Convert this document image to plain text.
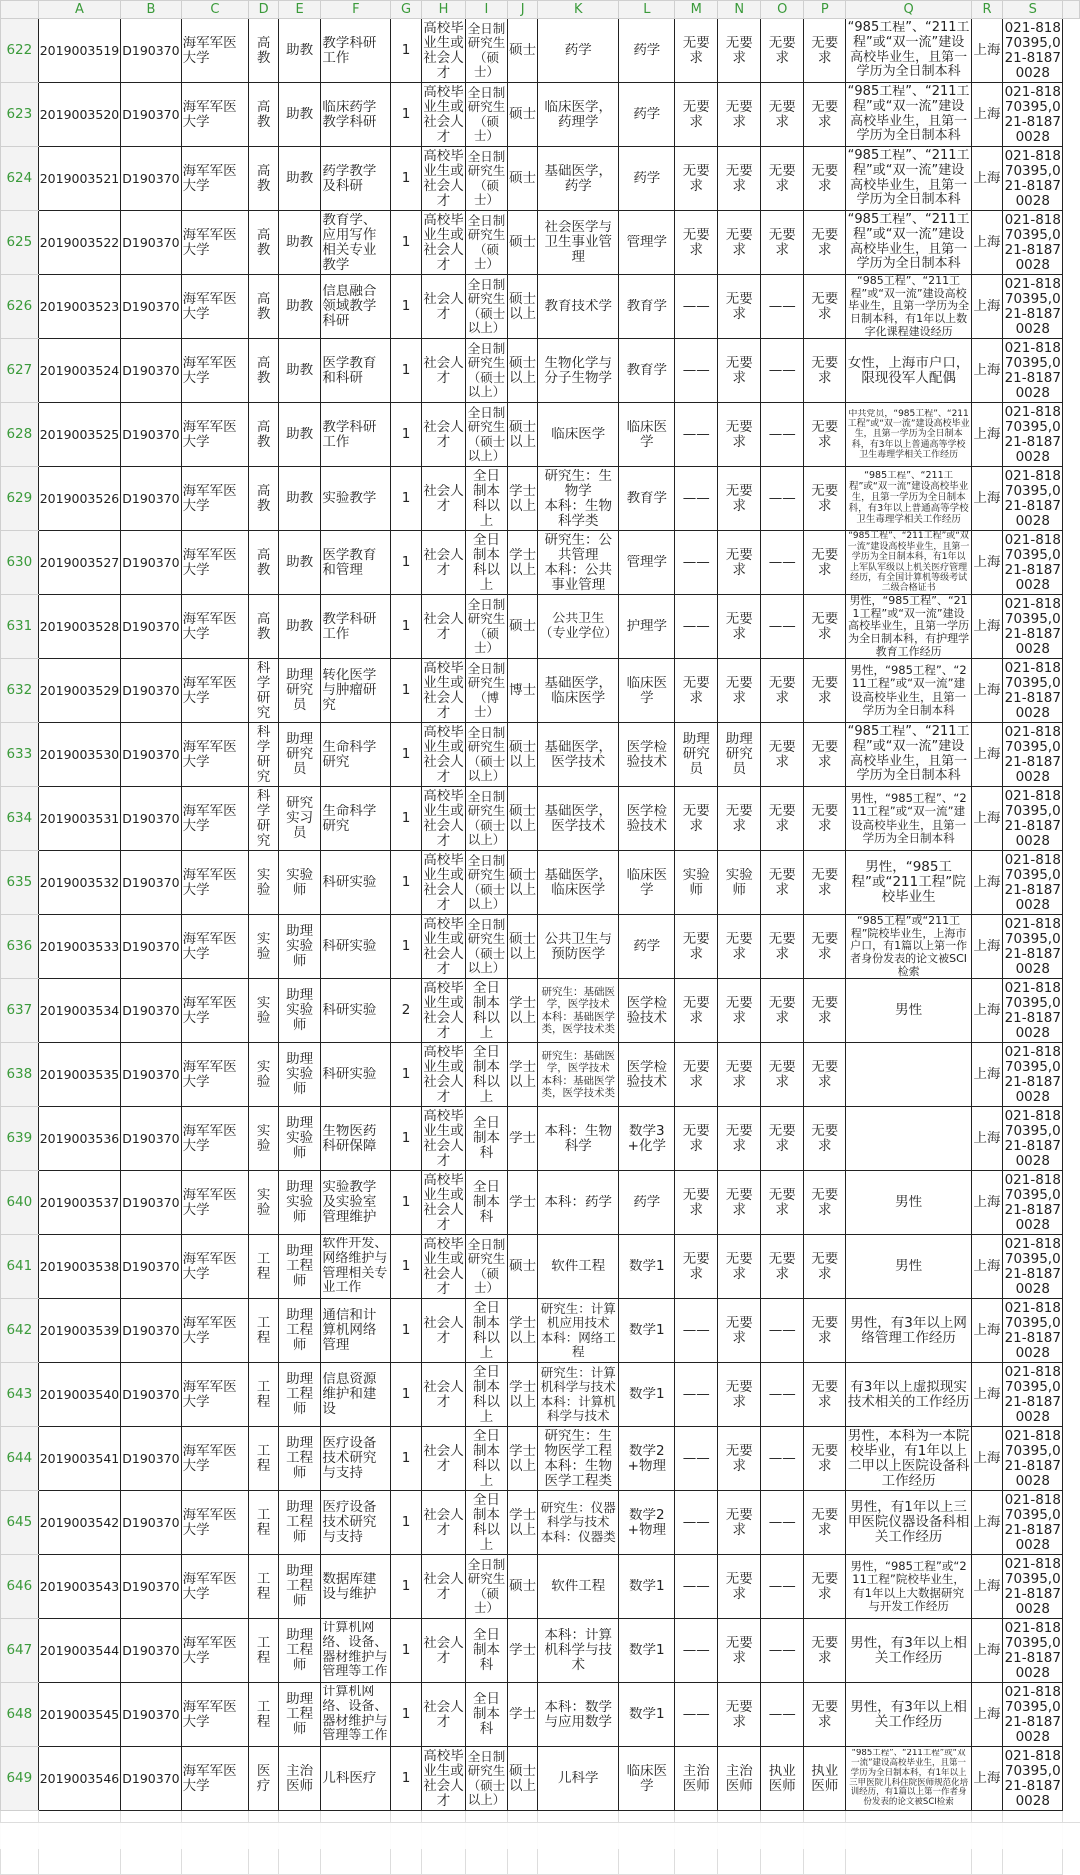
	A	B	C	D	E	F	G	H	I	J	K	L	M	N	O	P	Q	R	S	
622	2019003519	D190370	海军军医大学	高教	助教	教学科研工作	1	高校毕业生或社会人才	全日制研究生（硕士）	硕士	药学	药学	无要求	无要求	无要求	无要求	“985工程”、“211工程”或“双一流”建设高校毕业生，且第一学历为全日制本科	上海	021-81870395,021-81870028	

623	2019003520	D190370	海军军医大学	高教	助教	临床药学教学科研	1	高校毕业生或社会人才	全日制研究生（硕士）	硕士	临床医学，药理学	药学	无要求	无要求	无要求	无要求	“985工程”、“211工程”或“双一流”建设高校毕业生，且第一学历为全日制本科	上海	021-81870395,021-81870028	

624	2019003521	D190370	海军军医大学	高教	助教	药学教学及科研	1	高校毕业生或社会人才	全日制研究生（硕士）	硕士	基础医学，药学	药学	无要求	无要求	无要求	无要求	“985工程”、“211工程”或“双一流”建设高校毕业生，且第一学历为全日制本科	上海	021-81870395,021-81870028	

625	2019003522	D190370	海军军医大学	高教	助教	教育学、应用写作相关专业教学	1	高校毕业生或社会人才	全日制研究生（硕士）	硕士	社会医学与卫生事业管理	管理学	无要求	无要求	无要求	无要求	“985工程”、“211工程”或“双一流”建设高校毕业生，且第一学历为全日制本科	上海	021-81870395,021-81870028	

626	2019003523	D190370	海军军医大学	高教	助教	信息融合领域教学科研	1	社会人才	全日制研究生（硕士以上）	硕士以上	教育技术学	教育学	——	无要求	——	无要求	“985工程”、“211工程”或“双一流”建设高校毕业生，且第一学历为全日制本科，有1年以上数字化课程建设经历	上海	021-81870395,021-81870028	

627	2019003524	D190370	海军军医大学	高教	助教	医学教育和科研	1	社会人才	全日制研究生（硕士以上）	硕士以上	生物化学与分子生物学	教育学	——	无要求	——	无要求	女性，上海市户口，限现役军人配偶	上海	021-81870395,021-81870028	

628	2019003525	D190370	海军军医大学	高教	助教	教学科研工作	1	社会人才	全日制研究生（硕士以上）	硕士以上	临床医学	临床医学	——	无要求	——	无要求	中共党员，“985工程”、“211工程”或“双一流”建设高校毕业生，且第一学历为全日制本科，有3年以上普通高等学校卫生毒理学相关工作经历	上海	021-81870395,021-81870028	

629	2019003526	D190370	海军军医大学	高教	助教	实验教学	1	社会人才	全日制本科以上	学士以上	研究生：生物学
本科：生物科学类	教育学	——	无要求	——	无要求	“985工程”、“211工程”或“双一流”建设高校毕业生，且第一学历为全日制本科，有3年以上普通高等学校卫生毒理学相关工作经历	上海	021-81870395,021-81870028	

630	2019003527	D190370	海军军医大学	高教	助教	医学教育和管理	1	社会人才	全日制本科以上	学士以上	研究生：公共管理
本科：公共事业管理	管理学	——	无要求	——	无要求	“985工程”、“211工程”或“双一流”建设高校毕业生，且第一学历为全日制本科，有1年以上军队军级以上机关医疗管理经历，有全国计算机等级考试二级合格证书	上海	021-81870395,021-81870028	

631	2019003528	D190370	海军军医大学	高教	助教	教学科研工作	1	社会人才	全日制研究生（硕士）	硕士	公共卫生（专业学位）	护理学	——	无要求	——	无要求	男性，“985工程”、“211工程”或“双一流”建设高校毕业生，且第一学历为全日制本科，有护理学教育工作经历	上海	021-81870395,021-81870028	

632	2019003529	D190370	海军军医大学	科学研究	助理研究员	转化医学与肿瘤研究	1	高校毕业生或社会人才	全日制研究生（博士）	博士	基础医学，临床医学	临床医学	无要求	无要求	无要求	无要求	男性，“985工程”、“211工程”或“双一流”建设高校毕业生，且第一学历为全日制本科	上海	021-81870395,021-81870028	

633	2019003530	D190370	海军军医大学	科学研究	助理研究员	生命科学研究	1	高校毕业生或社会人才	全日制研究生（硕士以上）	硕士以上	基础医学，医学技术	医学检验技术	助理研究员	助理研究员	无要求	无要求	“985工程”、“211工程”或“双一流”建设高校毕业生，且第一学历为全日制本科	上海	021-81870395,021-81870028	

634	2019003531	D190370	海军军医大学	科学研究	研究实习员	生命科学研究	1	高校毕业生或社会人才	全日制研究生（硕士以上）	硕士以上	基础医学，医学技术	医学检验技术	无要求	无要求	无要求	无要求	男性，“985工程”、“211工程”或“双一流”建设高校毕业生，且第一学历为全日制本科	上海	021-81870395,021-81870028	

635	2019003532	D190370	海军军医大学	实验	实验师	科研实验	1	高校毕业生或社会人才	全日制研究生（硕士以上）	硕士以上	基础医学，临床医学	临床医学	实验师	实验师	无要求	无要求	男性，“985工程”或“211工程”院校毕业生	上海	021-81870395,021-81870028	

636	2019003533	D190370	海军军医大学	实验	助理实验师	科研实验	1	高校毕业生或社会人才	全日制研究生（硕士以上）	硕士以上	公共卫生与预防医学	药学	无要求	无要求	无要求	无要求	“985工程”或“211工程”院校毕业生，上海市户口，有1篇以上第一作者身份发表的论文被SCI检索	上海	021-81870395,021-81870028	

637	2019003534	D190370	海军军医大学	实验	助理实验师	科研实验	2	高校毕业生或社会人才	全日制本科以上	学士以上	研究生：基础医学，医学技术
本科：基础医学类，医学技术类	医学检验技术	无要求	无要求	无要求	无要求	男性	上海	021-81870395,021-81870028	

638	2019003535	D190370	海军军医大学	实验	助理实验师	科研实验	1	高校毕业生或社会人才	全日制本科以上	学士以上	研究生：基础医学，医学技术
本科：基础医学类，医学技术类	医学检验技术	无要求	无要求	无要求	无要求		上海	021-81870395,021-81870028	

639	2019003536	D190370	海军军医大学	实验	助理实验师	生物医药科研保障	1	高校毕业生或社会人才	全日制本科	学士	本科：生物科学	数学3+化学	无要求	无要求	无要求	无要求		上海	021-81870395,021-81870028	

640	2019003537	D190370	海军军医大学	实验	助理实验师	实验教学及实验室管理维护	1	高校毕业生或社会人才	全日制本科	学士	本科：药学	药学	无要求	无要求	无要求	无要求	男性	上海	021-81870395,021-81870028	

641	2019003538	D190370	海军军医大学	工程	助理工程师	软件开发、网络维护与管理相关专业工作	1	高校毕业生或社会人才	全日制研究生（硕士）	硕士	软件工程	数学1	无要求	无要求	无要求	无要求	男性	上海	021-81870395,021-81870028	

642	2019003539	D190370	海军军医大学	工程	助理工程师	通信和计算机网络管理	1	社会人才	全日制本科以上	学士以上	研究生：计算机应用技术
本科：网络工程	数学1	——	无要求	——	无要求	男性，有3年以上网络管理工作经历	上海	021-81870395,021-81870028	

643	2019003540	D190370	海军军医大学	工程	助理工程师	信息资源维护和建设	1	社会人才	全日制本科以上	学士以上	研究生：计算机科学与技术
本科：计算机科学与技术	数学1	——	无要求	——	无要求	有3年以上虚拟现实技术相关的工作经历	上海	021-81870395,021-81870028	

644	2019003541	D190370	海军军医大学	工程	助理工程师	医疗设备技术研究与支持	1	社会人才	全日制本科以上	学士以上	研究生：生物医学工程
本科：生物医学工程类	数学2+物理	——	无要求	——	无要求	男性，本科为一本院校毕业，有1年以上二甲以上医院设备科工作经历	上海	021-81870395,021-81870028	

645	2019003542	D190370	海军军医大学	工程	助理工程师	医疗设备技术研究与支持	1	社会人才	全日制本科以上	学士以上	研究生：仪器科学与技术
本科：仪器类	数学2+物理	——	无要求	——	无要求	男性，有1年以上三甲医院仪器设备科相关工作经历	上海	021-81870395,021-81870028	

646	2019003543	D190370	海军军医大学	工程	助理工程师	数据库建设与维护	1	社会人才	全日制研究生（硕士）	硕士	软件工程	数学1	——	无要求	——	无要求	男性，“985工程”或“211工程”院校毕业生，有1年以上大数据研究与开发工作经历	上海	021-81870395,021-81870028	

647	2019003544	D190370	海军军医大学	工程	助理工程师	计算机网络、设备、器材维护与管理等工作	1	社会人才	全日制本科	学士	本科：计算机科学与技术	数学1	——	无要求	——	无要求	男性，有3年以上相关工作经历	上海	021-81870395,021-81870028	

648	2019003545	D190370	海军军医大学	工程	助理工程师	计算机网络、设备、器材维护与管理等工作	1	社会人才	全日制本科	学士	本科：数学与应用数学	数学1	——	无要求	——	无要求	男性，有3年以上相关工作经历	上海	021-81870395,021-81870028	

649	2019003546	D190370	海军军医大学	医疗	主治医师	儿科医疗	1	高校毕业生或社会人才	全日制研究生（硕士以上）	硕士以上	儿科学	临床医学	主治医师	主治医师	执业医师	执业医师	“985工程”、“211工程”或“双一流”建设高校毕业生，且第一学历为全日制本科，有1年以上三甲医院儿科住院医师规范化培训经历，有1篇以上第一作者身份发表的论文被SCI检索	上海	021-81870395,021-81870028	
